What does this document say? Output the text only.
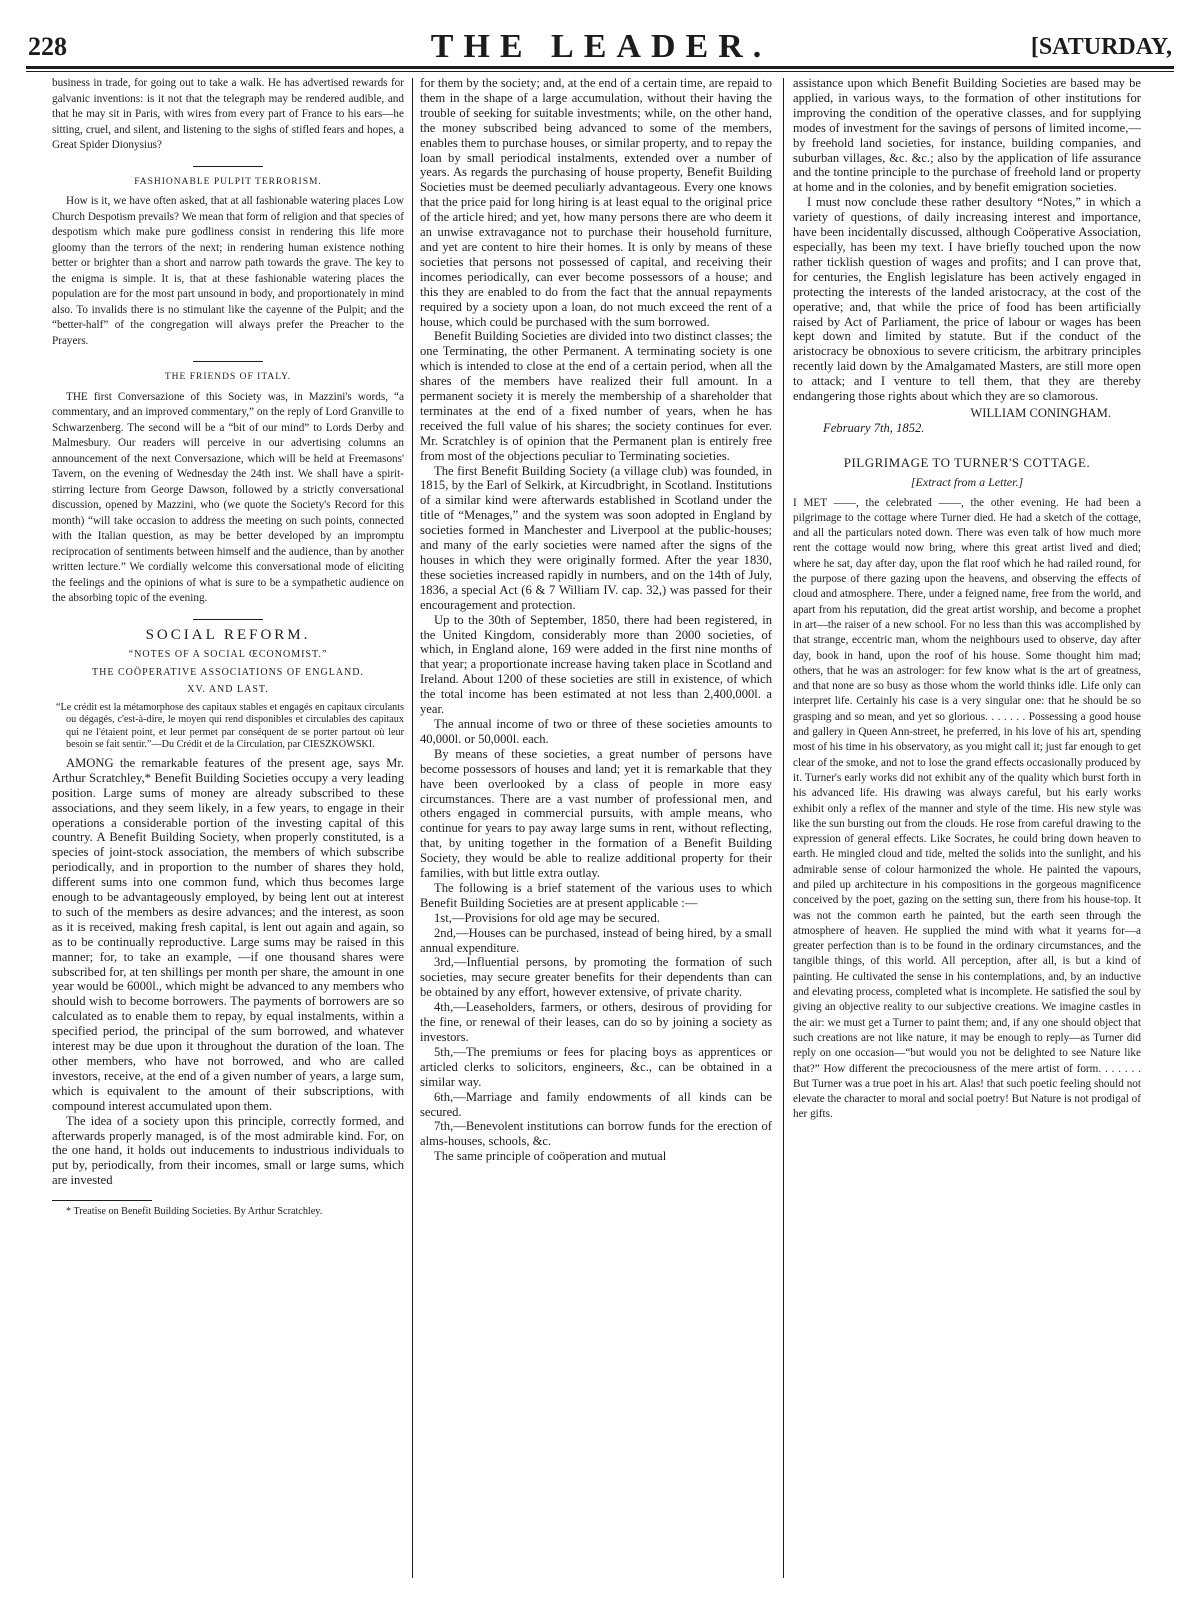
228	THE LEADER.	[SATURDAY,

business in trade, for going out to take a walk. He has advertised rewards for galvanic inventions: is it not that the telegraph may be rendered audible, and that he may sit in Paris, with wires from every part of France to his ears—he sitting, cruel, and silent, and listening to the sighs of stifled fears and hopes, a Great Spider Dionysius?

FASHIONABLE PULPIT TERRORISM.

How is it, we have often asked, that at all fashionable watering places Low Church Despotism prevails? We mean that form of religion and that species of despotism which make pure godliness consist in rendering this life more gloomy than the terrors of the next; in rendering human existence nothing better or brighter than a short and narrow path towards the grave. The key to the enigma is simple. It is, that at these fashionable watering places the population are for the most part unsound in body, and proportionately in mind also. To invalids there is no stimulant like the cayenne of the Pulpit; and the “better-half” of the congregation will always prefer the Preacher to the Prayers.

THE FRIENDS OF ITALY.

THE first Conversazione of this Society was, in Mazzini's words, “a commentary, and an improved commentary,” on the reply of Lord Granville to Schwarzenberg. The second will be a “bit of our mind” to Lords Derby and Malmesbury. Our readers will perceive in our advertising columns an announcement of the next Conversazione, which will be held at Freemasons' Tavern, on the evening of Wednesday the 24th inst. We shall have a spirit-stirring lecture from George Dawson, followed by a strictly conversational discussion, opened by Mazzini, who (we quote the Society's Record for this month) “will take occasion to address the meeting on such points, connected with the Italian question, as may be better developed by an impromptu reciprocation of sentiments between himself and the audience, than by another written lecture.” We cordially welcome this conversational mode of eliciting the feelings and the opinions of what is sure to be a sympathetic audience on the absorbing topic of the evening.

SOCIAL REFORM.
“NOTES OF A SOCIAL ŒCONOMIST.”
THE COÖPERATIVE ASSOCIATIONS OF ENGLAND.
XV. AND LAST.
“Le crédit est la métamorphose des capitaux stables et engagés en capitaux circulants ou dégagés, c'est-à-dire, le moyen qui rend disponibles et circulables des capitaux qui ne l'étaient point, et leur permet par conséquent de se porter partout où leur besoin se fait sentir.”—Du Crédit et de la Circulation, par CIESZKOWSKI.

AMONG the remarkable features of the present age, says Mr. Arthur Scratchley,* Benefit Building Societies occupy a very leading position. Large sums of money are already subscribed to these associations, and they seem likely, in a few years, to engage in their operations a considerable portion of the investing capital of this country. A Benefit Building Society, when properly constituted, is a species of joint-stock association, the members of which subscribe periodically, and in proportion to the number of shares they hold, different sums into one common fund, which thus becomes large enough to be advantageously employed, by being lent out at interest to such of the members as desire advances; and the interest, as soon as it is received, making fresh capital, is lent out again and again, so as to be continually reproductive. Large sums may be raised in this manner; for, to take an example, —if one thousand shares were subscribed for, at ten shillings per month per share, the amount in one year would be 6000l., which might be advanced to any members who should wish to become borrowers. The payments of borrowers are so calculated as to enable them to repay, by equal instalments, within a specified period, the principal of the sum borrowed, and whatever interest may be due upon it throughout the duration of the loan. The other members, who have not borrowed, and who are called investors, receive, at the end of a given number of years, a large sum, which is equivalent to the amount of their subscriptions, with compound interest accumulated upon them.

The idea of a society upon this principle, correctly formed, and afterwards properly managed, is of the most admirable kind. For, on the one hand, it holds out inducements to industrious individuals to put by, periodically, from their incomes, small or large sums, which are invested

* Treatise on Benefit Building Societies. By Arthur Scratchley.

for them by the society; and, at the end of a certain time, are repaid to them in the shape of a large accumulation, without their having the trouble of seeking for suitable investments; while, on the other hand, the money subscribed being advanced to some of the members, enables them to purchase houses, or similar property, and to repay the loan by small periodical instalments, extended over a number of years. As regards the purchasing of house property, Benefit Building Societies must be deemed peculiarly advantageous. Every one knows that the price paid for long hiring is at least equal to the original price of the article hired; and yet, how many persons there are who deem it an unwise extravagance not to purchase their household furniture, and yet are content to hire their homes. It is only by means of these societies that persons not possessed of capital, and receiving their incomes periodically, can ever become possessors of a house; and this they are enabled to do from the fact that the annual repayments required by a society upon a loan, do not much exceed the rent of a house, which could be purchased with the sum borrowed.

Benefit Building Societies are divided into two distinct classes; the one Terminating, the other Permanent. A terminating society is one which is intended to close at the end of a certain period, when all the shares of the members have realized their full amount. In a permanent society it is merely the membership of a shareholder that terminates at the end of a fixed number of years, when he has received the full value of his shares; the society continues for ever. Mr. Scratchley is of opinion that the Permanent plan is entirely free from most of the objections peculiar to Terminating societies.

The first Benefit Building Society (a village club) was founded, in 1815, by the Earl of Selkirk, at Kircudbright, in Scotland. Institutions of a similar kind were afterwards established in Scotland under the title of “Menages,” and the system was soon adopted in England by societies formed in Manchester and Liverpool at the public-houses; and many of the early societies were named after the signs of the houses in which they were originally formed. After the year 1830, these societies increased rapidly in numbers, and on the 14th of July, 1836, a special Act (6 & 7 William IV. cap. 32,) was passed for their encouragement and protection.

Up to the 30th of September, 1850, there had been registered, in the United Kingdom, considerably more than 2000 societies, of which, in England alone, 169 were added in the first nine months of that year; a proportionate increase having taken place in Scotland and Ireland. About 1200 of these societies are still in existence, of which the total income has been estimated at not less than 2,400,000l. a year.

The annual income of two or three of these societies amounts to 40,000l. or 50,000l. each.

By means of these societies, a great number of persons have become possessors of houses and land; yet it is remarkable that they have been overlooked by a class of people in more easy circumstances. There are a vast number of professional men, and others engaged in commercial pursuits, with ample means, who continue for years to pay away large sums in rent, without reflecting, that, by uniting together in the formation of a Benefit Building Society, they would be able to realize additional property for their families, with but little extra outlay.

The following is a brief statement of the various uses to which Benefit Building Societies are at present applicable :—

1st,—Provisions for old age may be secured.

2nd,—Houses can be purchased, instead of being hired, by a small annual expenditure.

3rd,—Influential persons, by promoting the formation of such societies, may secure greater benefits for their dependents than can be obtained by any effort, however extensive, of private charity.

4th,—Leaseholders, farmers, or others, desirous of providing for the fine, or renewal of their leases, can do so by joining a society as investors.

5th,—The premiums or fees for placing boys as apprentices or articled clerks to solicitors, engineers, &c., can be obtained in a similar way.

6th,—Marriage and family endowments of all kinds can be secured.

7th,—Benevolent institutions can borrow funds for the erection of alms-houses, schools, &c.

The same principle of coöperation and mutual

assistance upon which Benefit Building Societies are based may be applied, in various ways, to the formation of other institutions for improving the condition of the operative classes, and for supplying modes of investment for the savings of persons of limited income,—by freehold land societies, for instance, building companies, and suburban villages, &c. &c.; also by the application of life assurance and the tontine principle to the purchase of freehold land or property at home and in the colonies, and by benefit emigration societies.

I must now conclude these rather desultory “Notes,” in which a variety of questions, of daily increasing interest and importance, have been incidentally discussed, although Coöperative Association, especially, has been my text. I have briefly touched upon the now rather ticklish question of wages and profits; and I can prove that, for centuries, the English legislature has been actively engaged in protecting the interests of the landed aristocracy, at the cost of the operative; and, that while the price of food has been artificially raised by Act of Parliament, the price of labour or wages has been kept down and limited by statute. But if the conduct of the aristocracy be obnoxious to severe criticism, the arbitrary principles recently laid down by the Amalgamated Masters, are still more open to attack; and I venture to tell them, that they are thereby endangering those rights about which they are so clamorous.

WILLIAM CONINGHAM.
February 7th, 1852.
PILGRIMAGE TO TURNER'S COTTAGE.
[Extract from a Letter.]

I MET ——, the celebrated ——, the other evening. He had been a pilgrimage to the cottage where Turner died. He had a sketch of the cottage, and all the particulars noted down. There was even talk of how much more rent the cottage would now bring, where this great artist lived and died; where he sat, day after day, upon the flat roof which he had railed round, for the purpose of there gazing upon the heavens, and observing the effects of cloud and atmosphere. There, under a feigned name, free from the world, and apart from his reputation, did the great artist worship, and become a prophet in art—the raiser of a new school. For no less than this was accomplished by that strange, eccentric man, whom the neighbours used to observe, day after day, book in hand, upon the roof of his house. Some thought him mad; others, that he was an astrologer: for few know what is the art of greatness, and that none are so busy as those whom the world thinks idle. Life only can interpret life. Certainly his case is a very singular one: that he should be so grasping and so mean, and yet so glorious. . . . . . . Possessing a good house and gallery in Queen Ann-street, he preferred, in his love of his art, spending most of his time in his observatory, as you might call it; just far enough to get clear of the smoke, and not to lose the grand effects occasionally produced by it. Turner's early works did not exhibit any of the quality which burst forth in his advanced life. His drawing was always careful, but his early works exhibit only a reflex of the manner and style of the time. His new style was like the sun bursting out from the clouds. He rose from careful drawing to the expression of general effects. Like Socrates, he could bring down heaven to earth. He mingled cloud and tide, melted the solids into the sunlight, and his admirable sense of colour harmonized the whole. He painted the vapours, and piled up architecture in his compositions in the gorgeous magnificence conceived by the poet, gazing on the setting sun, there from his house-top. It was not the common earth he painted, but the earth seen through the atmosphere of heaven. He supplied the mind with what it yearns for—a greater perfection than is to be found in the ordinary circumstances, and the tangible things, of this world. All perception, after all, is but a kind of painting. He cultivated the sense in his contemplations, and, by an inductive and elevating process, completed what is incomplete. He satisfied the soul by giving an objective reality to our subjective creations. We imagine castles in the air: we must get a Turner to paint them; and, if any one should object that such creations are not like nature, it may be enough to reply—as Turner did reply on one occasion—“but would you not be delighted to see Nature like that?” How different the precociousness of the mere artist of form. . . . . . . But Turner was a true poet in his art. Alas! that such poetic feeling should not elevate the character to moral and social poetry! But Nature is not prodigal of her gifts.
